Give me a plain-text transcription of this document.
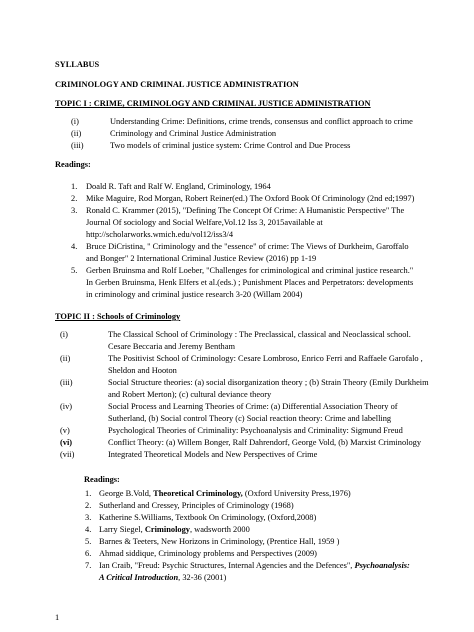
SYLLABUS
CRIMINOLOGY AND CRIMINAL JUSTICE ADMINISTRATION
TOPIC I : CRIME, CRIMINOLOGY AND CRIMINAL JUSTICE ADMINISTRATION
(i)	Understanding Crime: Definitions, crime trends, consensus and conflict approach to crime
(ii)	Criminology and Criminal Justice Administration
(iii)	Two models of criminal justice system: Crime Control and Due Process
Readings:
1. Doald R. Taft and Ralf W. England, Criminology, 1964
2. Mike Maguire, Rod Morgan, Robert Reiner(ed.) The Oxford Book Of Criminology (2nd ed;1997)
3. Ronald C. Krammer (2015), "Defining The Concept Of Crime: A Humanistic Perspective" The
Journal Of sociology and Social Welfare,Vol.12 Iss 3, 2015available at
http://scholarworks.wmich.edu/vol12/iss3/4
4. Bruce DiCristina, " Criminology and the "essence" of crime: The Views of Durkheim, Garoffalo
and Bonger" 2 International Criminal Justice Review (2016) pp 1-19
5. Gerben Bruinsma and Rolf Loeber, "Challenges for criminological and criminal justice research."
In Gerben Bruinsma, Henk Elfers et al.(eds.) ; Punishment Places and Perpetrators: developments
in criminology and criminal justice research 3-20 (Willam 2004)
TOPIC II : Schools of Criminology
(i)	The Classical School of Criminology : The Preclassical, classical and Neoclassical school.
Cesare Beccaria and Jeremy Bentham
(ii)	The Positivist School of Criminology: Cesare Lombroso, Enrico Ferri and Raffaele Garofalo ,
Sheldon and Hooton
(iii)	Social Structure theories: (a) social disorganization theory ; (b) Strain Theory (Emily Durkheim
and Robert Merton); (c) cultural deviance theory
(iv)	Social Process and Learning Theories of Crime: (a) Differential Association Theory of
Sutherland, (b) Social control Theory (c) Social reaction theory: Crime and labelling
(v)	Psychological Theories of Criminality: Psychoanalysis and Criminality: Sigmund Freud
(vi)	Conflict Theory: (a) Willem Bonger, Ralf Dahrendorf, George Vold, (b) Marxist Criminology
(vii)	Integrated Theoretical Models and New Perspectives of Crime
Readings:
1. George B.Vold, Theoretical Criminology, (Oxford University Press,1976)
2. Sutherland and Cressey, Principles of Criminology (1968)
3. Katherine S.Williams, Textbook On Criminology, (Oxford,2008)
4. Larry Siegel, Criminology, wadsworth 2000
5. Barnes & Teeters, New Horizons in Criminology, (Prentice Hall, 1959 )
6. Ahmad siddique, Criminology problems and Perspectives (2009)
7. Ian Craib, "Freud: Psychic Structures, Internal Agencies and the Defences", Psychoanalysis:
A Critical Introduction, 32-36 (2001)
1
